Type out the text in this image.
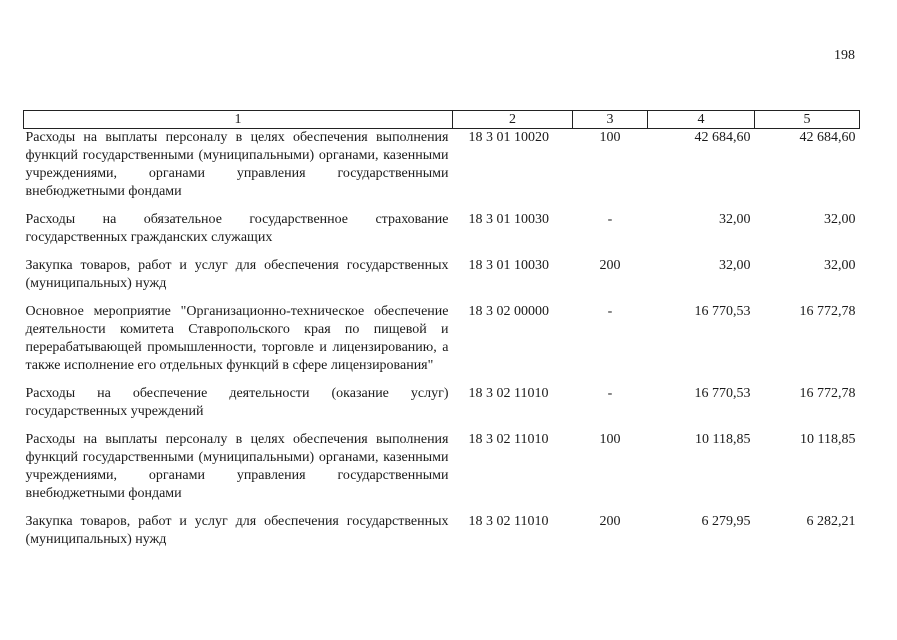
198
1	2	3	4	5
Расходы на выплаты персоналу в целях обеспечения выполнения функций государственными (муниципальными) органами, казенными учреждениями, органами управления государственными внебюджетными фондами	18 3 01 10020	100	42 684,60	42 684,60
Расходы на обязательное государственное страхование государственных гражданских служащих	18 3 01 10030	-	32,00	32,00
Закупка товаров, работ и услуг для обеспечения государственных (муниципальных) нужд	18 3 01 10030	200	32,00	32,00
Основное мероприятие "Организационно-техническое обеспечение деятельности комитета Ставропольского края по пищевой и перерабатывающей промышленности, торговле и лицензированию, а также исполнение его отдельных функций в сфере лицензирования"	18 3 02 00000	-	16 770,53	16 772,78
Расходы на обеспечение деятельности (оказание услуг) государственных учреждений	18 3 02 11010	-	16 770,53	16 772,78
Расходы на выплаты персоналу в целях обеспечения выполнения функций государственными (муниципальными) органами, казенными учреждениями, органами управления государственными внебюджетными фондами	18 3 02 11010	100	10 118,85	10 118,85
Закупка товаров, работ и услуг для обеспечения государственных (муниципальных) нужд	18 3 02 11010	200	6 279,95	6 282,21
